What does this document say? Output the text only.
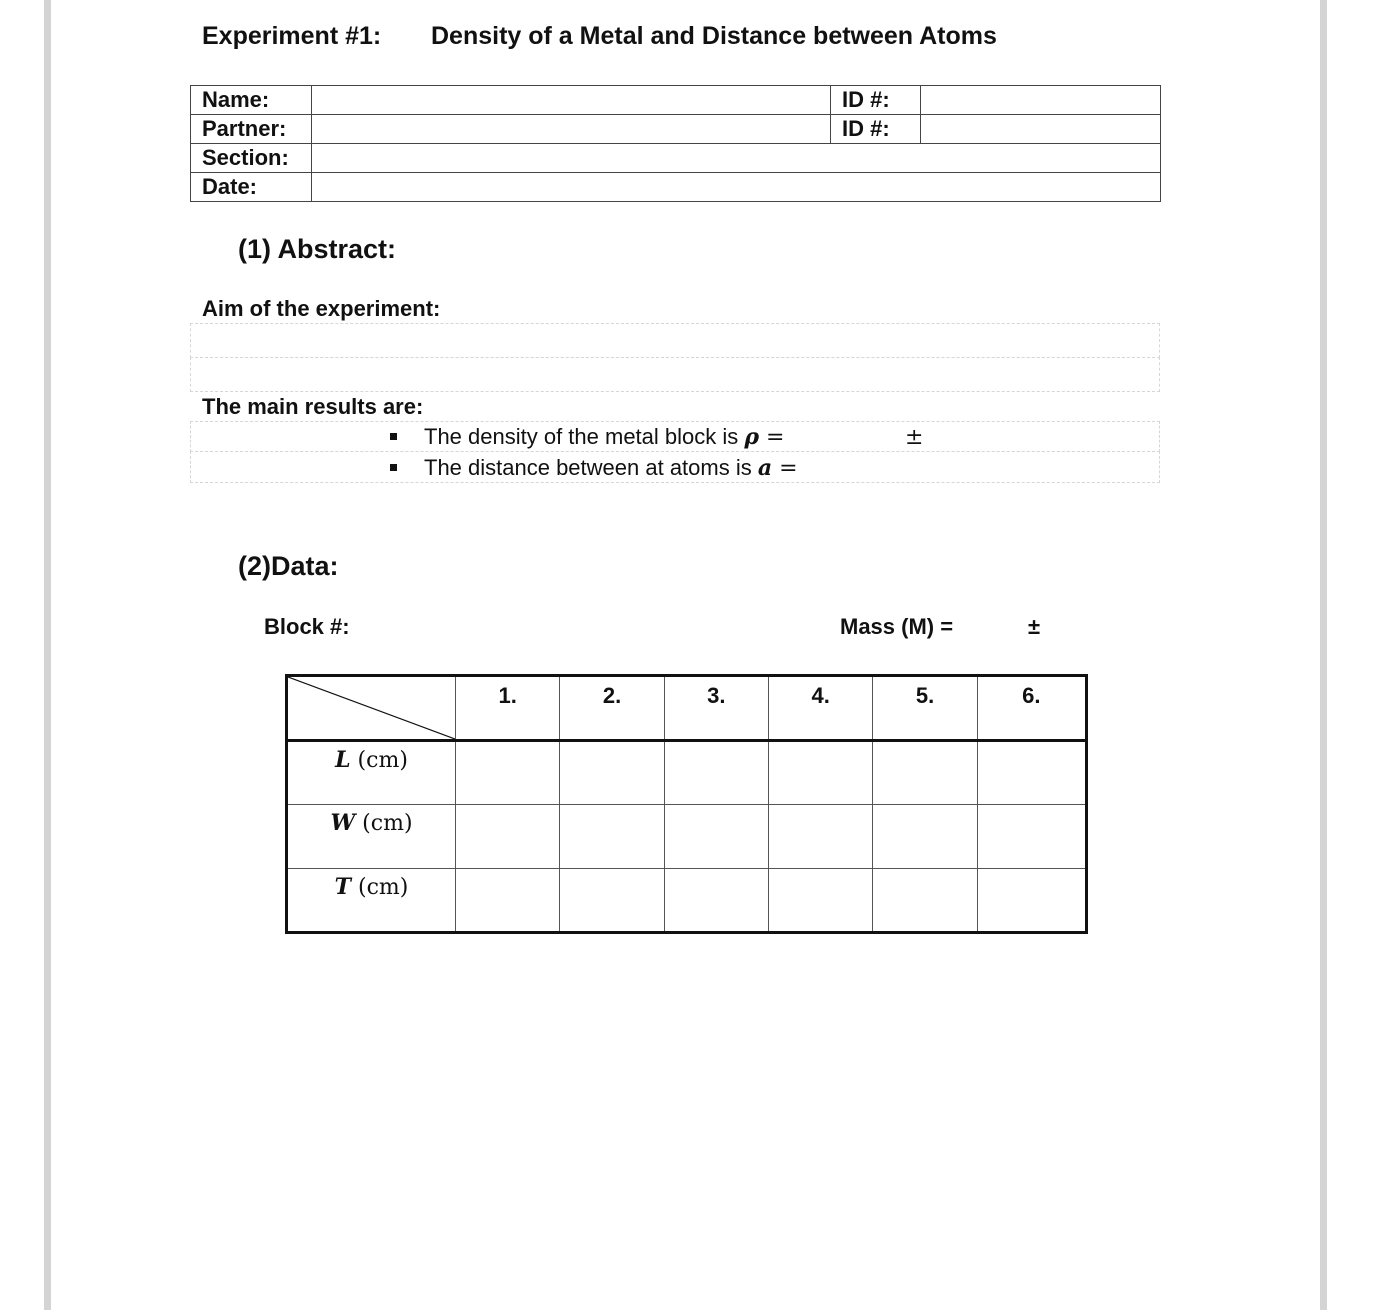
Experiment #1: Density of a Metal and Distance between Atoms
Name:		ID #:	
Partner:		ID #:	
Section:			
Date:			
(1) Abstract:
Aim of the experiment:
The main results are:
The density of the metal block is ρ =	±
The distance between at atoms is a =
(2)Data:
Block #:	Mass (M) =	±
	1.	2.	3.	4.	5.	6.
L (cm)						
W (cm)						
T (cm)						
